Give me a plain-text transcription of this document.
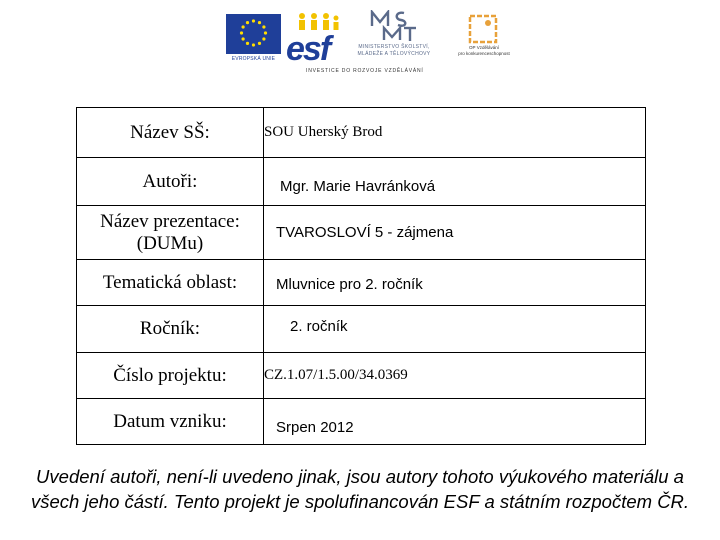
EVROPSKÁ UNIE esf	MINISTERSTVO ŠKOLSTVÍ,
MLÁDEŽE A TĚLOVÝCHOVY
OP Vzdělávání
pro konkurenceschopnost
INVESTICE DO ROZVOJE VZDĚLÁVÁNÍ
Název SŠ:	SOU Uherský Brod
Autoři:	Mgr. Marie Havránková

Název prezentace:
(DUMu)	TVAROSLOVÍ 5 - zájmena
Tematická oblast:	Mluvnice pro 2. ročník
Ročník:	2. ročník
Číslo projektu:	CZ.1.07/1.5.00/34.0369
Datum vzniku:	Srpen 2012
Uvedení autoři, není-li uvedeno jinak, jsou autory tohoto výukového materiálu a
všech jeho částí. Tento projekt je spolufinancován ESF a státním rozpočtem ČR.
